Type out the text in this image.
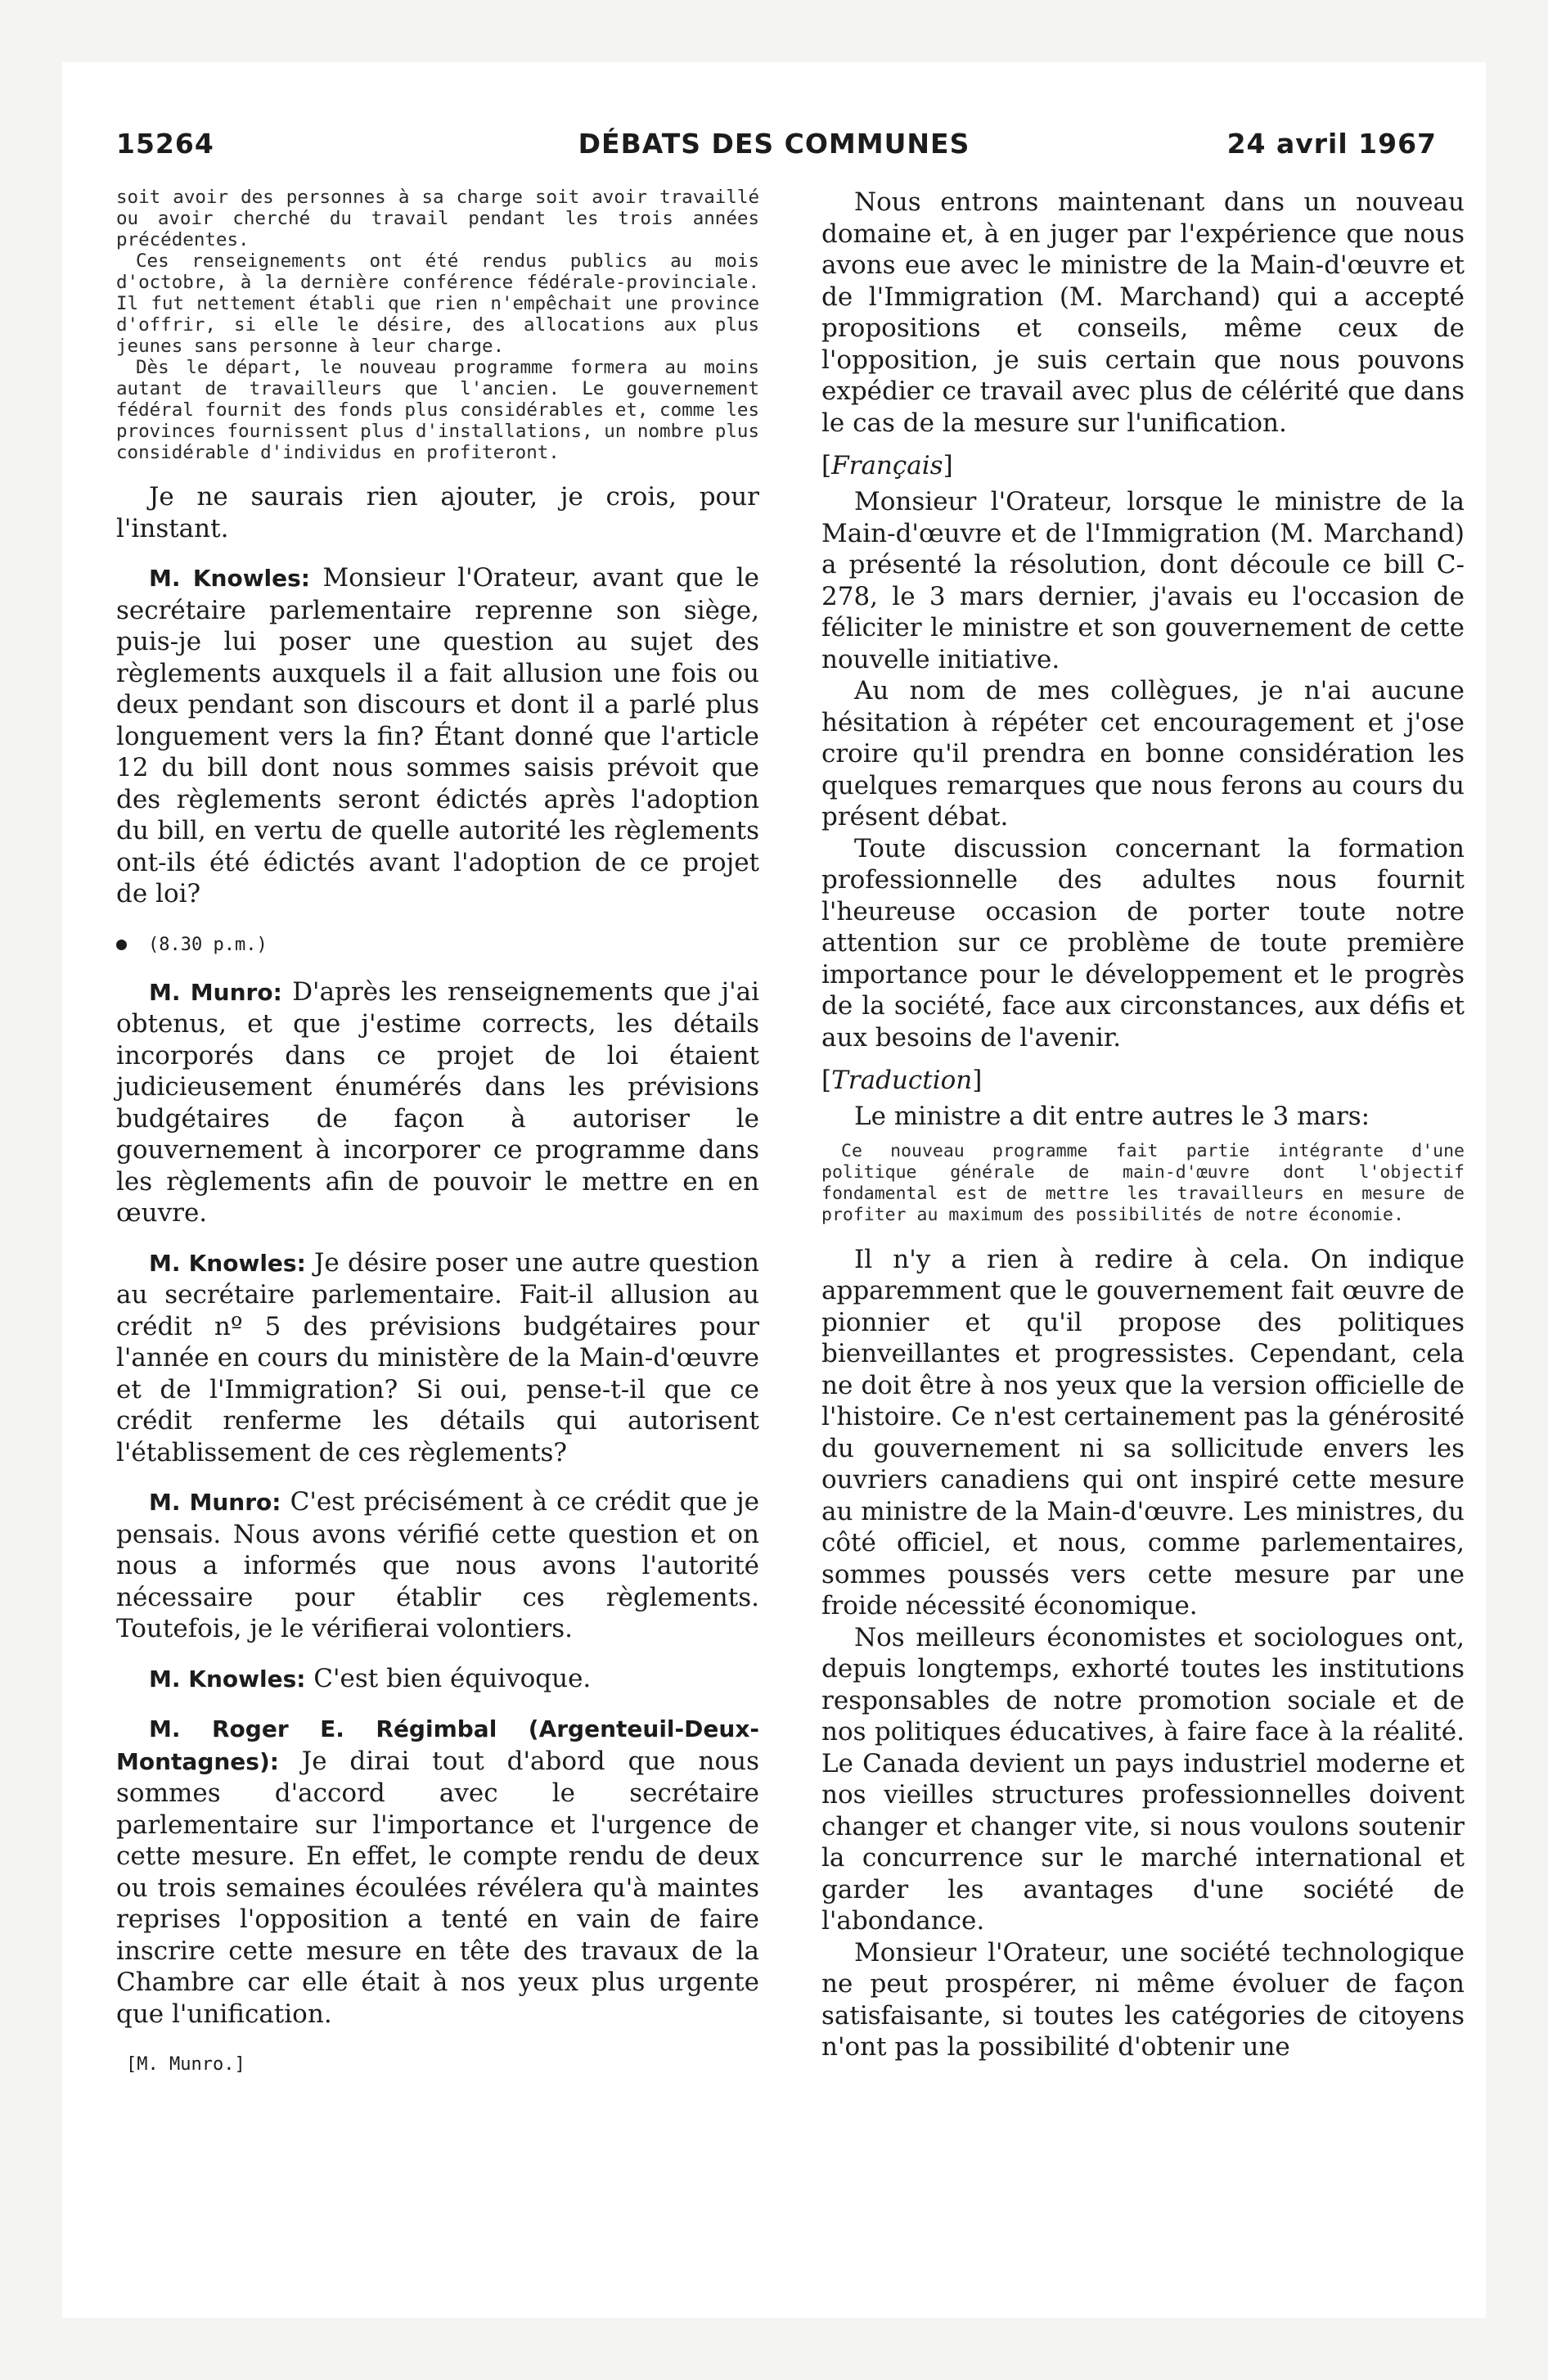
15264	DÉBATS DES COMMUNES	24 avril 1967

soit avoir des personnes à sa charge soit avoir travaillé ou avoir cherché du travail pendant les trois années précédentes.

Ces renseignements ont été rendus publics au mois d'octobre, à la dernière conférence fédérale-provinciale. Il fut nettement établi que rien n'empêchait une province d'offrir, si elle le désire, des allocations aux plus jeunes sans personne à leur charge.

Dès le départ, le nouveau programme formera au moins autant de travailleurs que l'ancien. Le gouvernement fédéral fournit des fonds plus considérables et, comme les provinces fournissent plus d'installations, un nombre plus considérable d'individus en profiteront.

Je ne saurais rien ajouter, je crois, pour l'instant.

M. Knowles: Monsieur l'Orateur, avant que le secrétaire parlementaire reprenne son siège, puis-je lui poser une question au sujet des règlements auxquels il a fait allusion une fois ou deux pendant son discours et dont il a parlé plus longuement vers la fin? Étant donné que l'article 12 du bill dont nous sommes saisis prévoit que des règlements seront édictés après l'adoption du bill, en vertu de quelle autorité les règlements ont-ils été édictés avant l'adoption de ce projet de loi?

(8.30 p.m.)

M. Munro: D'après les renseignements que j'ai obtenus, et que j'estime corrects, les détails incorporés dans ce projet de loi étaient judicieusement énumérés dans les prévisions budgétaires de façon à autoriser le gouvernement à incorporer ce programme dans les règlements afin de pouvoir le mettre en en œuvre.

M. Knowles: Je désire poser une autre question au secrétaire parlementaire. Fait-il allusion au crédit nº 5 des prévisions budgétaires pour l'année en cours du ministère de la Main-d'œuvre et de l'Immigration? Si oui, pense-t-il que ce crédit renferme les détails qui autorisent l'établissement de ces règlements?

M. Munro: C'est précisément à ce crédit que je pensais. Nous avons vérifié cette question et on nous a informés que nous avons l'autorité nécessaire pour établir ces règlements. Toutefois, je le vérifierai volontiers.

M. Knowles: C'est bien équivoque.

M. Roger E. Régimbal (Argenteuil-Deux-Montagnes): Je dirai tout d'abord que nous sommes d'accord avec le secrétaire parlementaire sur l'importance et l'urgence de cette mesure. En effet, le compte rendu de deux ou trois semaines écoulées révélera qu'à maintes reprises l'opposition a tenté en vain de faire inscrire cette mesure en tête des travaux de la Chambre car elle était à nos yeux plus urgente que l'unification.

[M. Munro.]

Nous entrons maintenant dans un nouveau domaine et, à en juger par l'expérience que nous avons eue avec le ministre de la Main-d'œuvre et de l'Immigration (M. Marchand) qui a accepté propositions et conseils, même ceux de l'opposition, je suis certain que nous pouvons expédier ce travail avec plus de célérité que dans le cas de la mesure sur l'unification.

[Français]

Monsieur l'Orateur, lorsque le ministre de la Main-d'œuvre et de l'Immigration (M. Marchand) a présenté la résolution, dont découle ce bill C-278, le 3 mars dernier, j'avais eu l'occasion de féliciter le ministre et son gouvernement de cette nouvelle initiative.

Au nom de mes collègues, je n'ai aucune hésitation à répéter cet encouragement et j'ose croire qu'il prendra en bonne considération les quelques remarques que nous ferons au cours du présent débat.

Toute discussion concernant la formation professionnelle des adultes nous fournit l'heureuse occasion de porter toute notre attention sur ce problème de toute première importance pour le développement et le progrès de la société, face aux circonstances, aux défis et aux besoins de l'avenir.

[Traduction]

Le ministre a dit entre autres le 3 mars:

Ce nouveau programme fait partie intégrante d'une politique générale de main-d'œuvre dont l'objectif fondamental est de mettre les travailleurs en mesure de profiter au maximum des possibilités de notre économie.

Il n'y a rien à redire à cela. On indique apparemment que le gouvernement fait œuvre de pionnier et qu'il propose des politiques bienveillantes et progressistes. Cependant, cela ne doit être à nos yeux que la version officielle de l'histoire. Ce n'est certainement pas la générosité du gouvernement ni sa sollicitude envers les ouvriers canadiens qui ont inspiré cette mesure au ministre de la Main-d'œuvre. Les ministres, du côté officiel, et nous, comme parlementaires, sommes poussés vers cette mesure par une froide nécessité économique.

Nos meilleurs économistes et sociologues ont, depuis longtemps, exhorté toutes les institutions responsables de notre promotion sociale et de nos politiques éducatives, à faire face à la réalité. Le Canada devient un pays industriel moderne et nos vieilles structures professionnelles doivent changer et changer vite, si nous voulons soutenir la concurrence sur le marché international et garder les avantages d'une société de l'abondance.

Monsieur l'Orateur, une société technologique ne peut prospérer, ni même évoluer de façon satisfaisante, si toutes les catégories de citoyens n'ont pas la possibilité d'obtenir une
